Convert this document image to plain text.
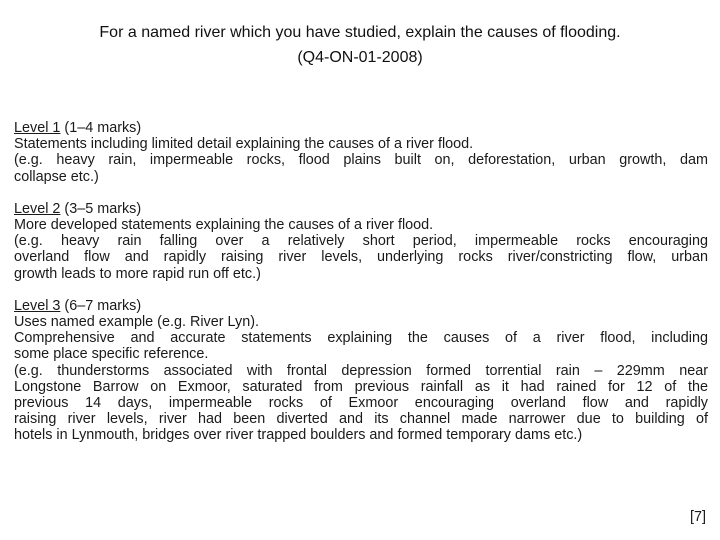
For a named river which you have studied, explain the causes of flooding.
(Q4-ON-01-2008)
Level 1 (1–4 marks)
Statements including limited detail explaining the causes of a river flood.
(e.g. heavy rain, impermeable rocks, flood plains built on, deforestation, urban growth, dam
collapse etc.)
Level 2 (3–5 marks)
More developed statements explaining the causes of a river flood.
(e.g. heavy rain falling over a relatively short period, impermeable rocks encouraging
overland flow and rapidly raising river levels, underlying rocks river/constricting flow, urban
growth leads to more rapid run off etc.)
Level 3 (6–7 marks)
Uses named example (e.g. River Lyn).
Comprehensive and accurate statements explaining the causes of a river flood, including
some place specific reference.
(e.g. thunderstorms associated with frontal depression formed torrential rain – 229mm near
Longstone Barrow on Exmoor, saturated from previous rainfall as it had rained for 12 of the
previous 14 days, impermeable rocks of Exmoor encouraging overland flow and rapidly
raising river levels, river had been diverted and its channel made narrower due to building of
hotels in Lynmouth, bridges over river trapped boulders and formed temporary dams etc.)
[7]
